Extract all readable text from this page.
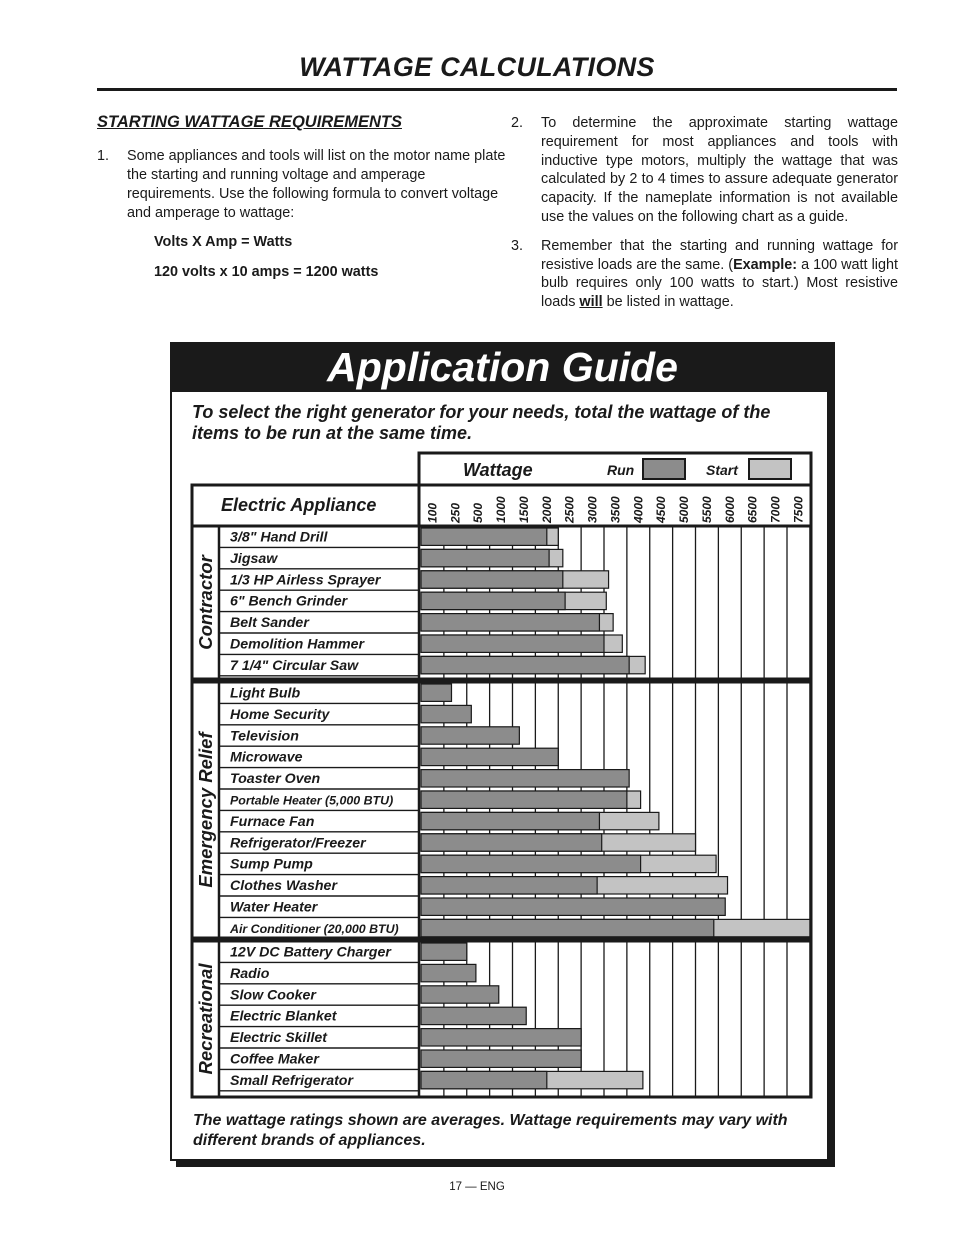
WATTAGE CALCULATIONS
STARTING WATTAGE REQUIREMENTS
1.	Some appliances and tools will list on the motor name plate the starting and running voltage and amperage requirements. Use the following formula to convert voltage and amperage to wattage:
Volts X Amp = Watts
120 volts x 10 amps = 1200 watts
2.	To determine the approximate starting wattage requirement for most appliances and tools with inductive type motors, multiply the wattage that was calculated by 2 to 4 times to assure adequate generator capacity. If the nameplate information is not available use the values on the following chart as a guide.
3.	Remember that the starting and running wattage for resistive loads are the same. (Example: a 100 watt light bulb requires only 100 watts to start.) Most resistive loads will be listed in wattage.
Application Guide

To select the right generator for your needs, total the wattage of the items to be run at the same time.

Wattage	Run	Start
Electric Appliance	100 250 500 1000 1500 2000 2500 3000 3500 4000 4500 5000 5500 6000 6500 7000 7500
3/8" Hand Drill
Jigsaw
1/3 HP Airless Sprayer
6" Bench Grinder
Belt Sander
Demolition Hammer
7 1/4" Circular Saw
Contractor
Light Bulb
Home Security
Television
Microwave
Toaster Oven
Portable Heater (5,000 BTU)
Furnace Fan
Refrigerator/Freezer
Sump Pump
Clothes Washer
Water Heater
Air Conditioner (20,000 BTU)
Emergency Relief
12V DC Battery Charger
Radio
Slow Cooker
Electric Blanket
Electric Skillet
Coffee Maker
Small Refrigerator
Recreational

The wattage ratings shown are averages. Wattage requirements may vary with different brands of appliances.

17 — ENG
